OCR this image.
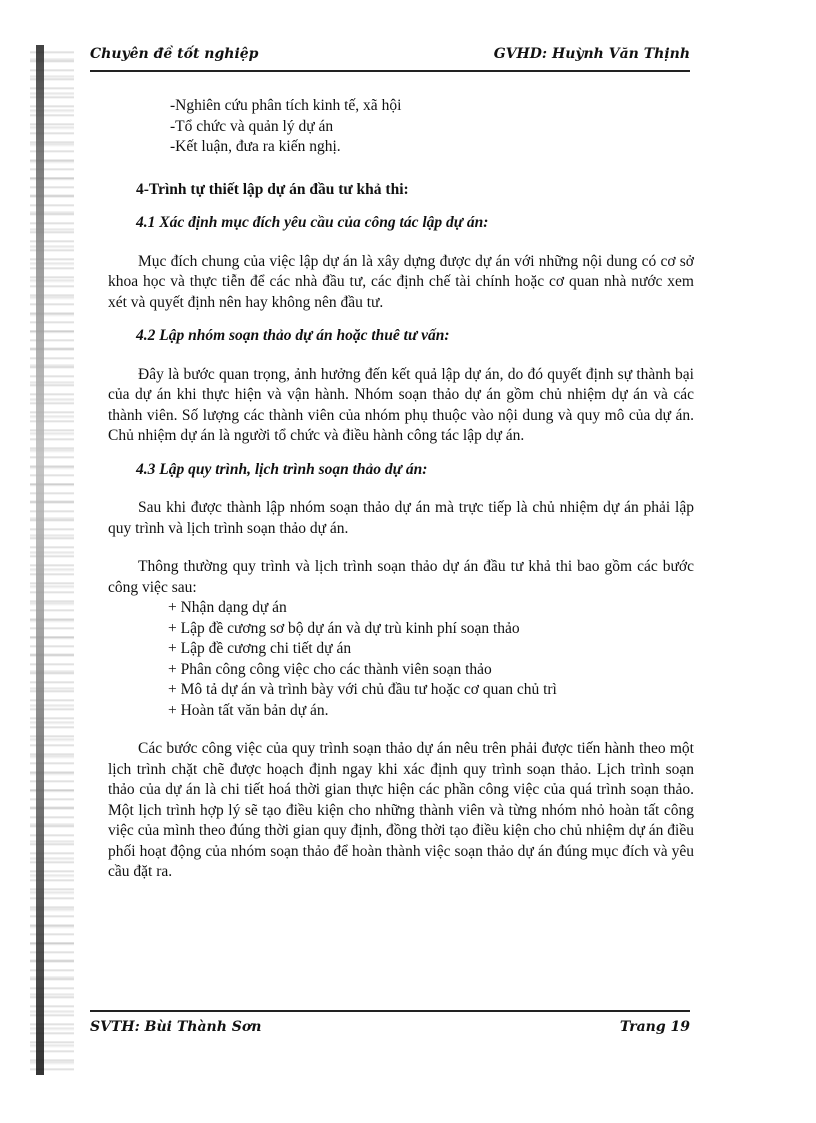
Chuyên đề tốt nghiệp	GVHD: Huỳnh Văn Thịnh

-Nghiên cứu phân tích kinh tế, xã hội

-Tổ chức và quản lý dự án

-Kết luận, đưa ra kiến nghị.

4-Trình tự thiết lập dự án đầu tư khả thi:

4.1 Xác định mục đích yêu cầu của công tác lập dự án:

Mục đích chung của việc lập dự án là xây dựng được dự án với những nội dung có cơ sở khoa học và thực tiễn để các nhà đầu tư, các định chế tài chính hoặc cơ quan nhà nước xem xét và quyết định nên hay không nên đầu tư.

4.2 Lập nhóm soạn thảo dự án hoặc thuê tư vấn:

Đây là bước quan trọng, ảnh hưởng đến kết quả lập dự án, do đó quyết định sự thành bại của dự án khi thực hiện và vận hành. Nhóm soạn thảo dự án gồm chủ nhiệm dự án và các thành viên. Số lượng các thành viên của nhóm phụ thuộc vào nội dung và quy mô của dự án. Chủ nhiệm dự án là người tổ chức và điều hành công tác lập dự án.

4.3 Lập quy trình, lịch trình soạn thảo dự án:

Sau khi được thành lập nhóm soạn thảo dự án mà trực tiếp là chủ nhiệm dự án phải lập quy trình và lịch trình soạn thảo dự án.

Thông thường quy trình và lịch trình soạn thảo dự án đầu tư khả thi bao gồm các bước công việc sau:

+ Nhận dạng dự án

+ Lập đề cương sơ bộ dự án và dự trù kinh phí soạn thảo

+ Lập đề cương chi tiết dự án

+ Phân công công việc cho các thành viên soạn thảo

+ Mô tả dự án và trình bày với chủ đầu tư hoặc cơ quan chủ trì

+ Hoàn tất văn bản dự án.

Các bước công việc của quy trình soạn thảo dự án nêu trên phải được tiến hành theo một lịch trình chặt chẽ được hoạch định ngay khi xác định quy trình soạn thảo. Lịch trình soạn thảo của dự án là chi tiết hoá thời gian thực hiện các phần công việc của quá trình soạn thảo. Một lịch trình hợp lý sẽ tạo điều kiện cho những thành viên và từng nhóm nhỏ hoàn tất công việc của mình theo đúng thời gian quy định, đồng thời tạo điều kiện cho chủ nhiệm dự án điều phối hoạt động của nhóm soạn thảo để hoàn thành việc soạn thảo dự án đúng mục đích và yêu cầu đặt ra.

SVTH: Bùi Thành Sơn	Trang 19
